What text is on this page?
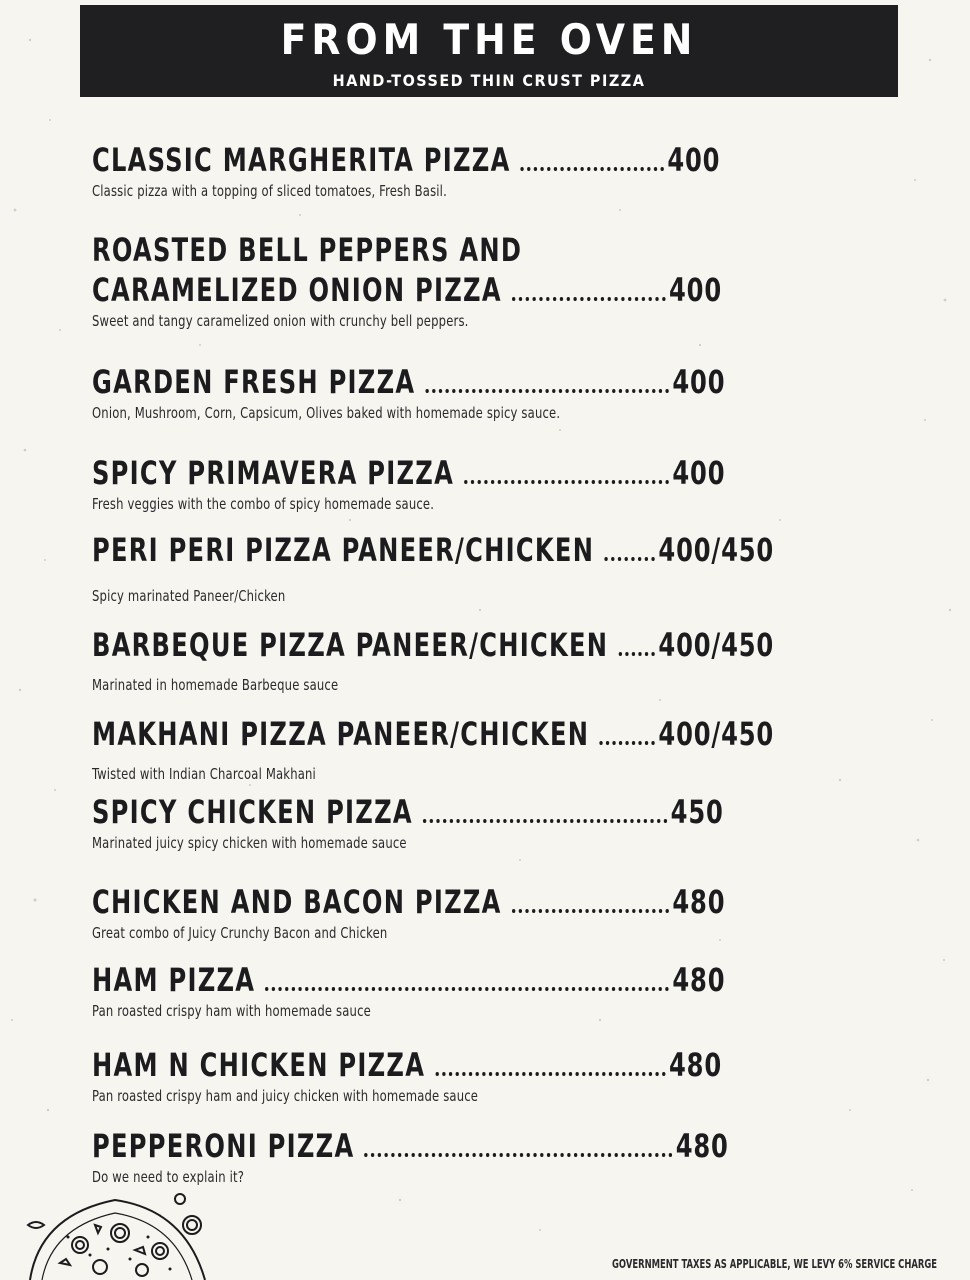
FROM THE OVEN
HAND-TOSSED THIN CRUST PIZZA
CLASSIC MARGHERITA PIZZA	400
Classic pizza with a topping of sliced tomatoes, Fresh Basil.
ROASTED BELL PEPPERS AND
CARAMELIZED ONION PIZZA	400
Sweet and tangy caramelized onion with crunchy bell peppers.
GARDEN FRESH PIZZA	400
Onion, Mushroom, Corn, Capsicum, Olives baked with homemade spicy sauce.
SPICY PRIMAVERA PIZZA	400
Fresh veggies with the combo of spicy homemade sauce.
PERI PERI PIZZA PANEER/CHICKEN 400/450
Spicy marinated Paneer/Chicken
BARBEQUE PIZZA PANEER/CHICKEN 400/450
Marinated in homemade Barbeque sauce
MAKHANI PIZZA PANEER/CHICKEN 400/450
Twisted with Indian Charcoal Makhani
SPICY CHICKEN PIZZA	450
Marinated juicy spicy chicken with homemade sauce
CHICKEN AND BACON PIZZA	480
Great combo of Juicy Crunchy Bacon and Chicken
HAM PIZZA	480
Pan roasted crispy ham with homemade sauce
HAM N CHICKEN PIZZA	480
Pan roasted crispy ham and juicy chicken with homemade sauce
PEPPERONI PIZZA	480
Do we need to explain it?
GOVERNMENT TAXES AS APPLICABLE, WE LEVY 6% SERVICE CHARGE
